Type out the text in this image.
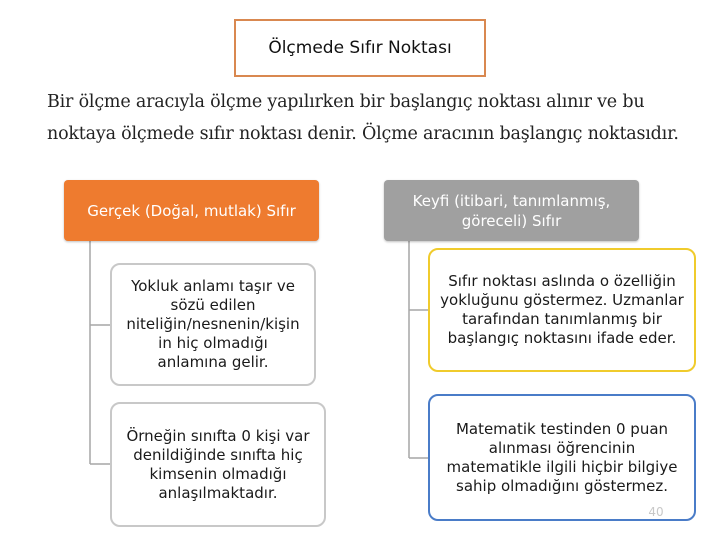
Ölçmede Sıfır Noktası
Bir ölçme aracıyla ölçme yapılırken bir başlangıç noktası alınır ve bu
noktaya ölçmede sıfır noktası denir. Ölçme aracının başlangıç noktasıdır.
Gerçek (Doğal, mutlak) Sıfır
Keyfi (itibari, tanımlanmış, göreceli) Sıfır
Yokluk anlamı taşır ve sözü edilen niteliğin/nesnenin/kişin in hiç olmadığı anlamına gelir.
Örneğin sınıfta 0 kişi var denildiğinde sınıfta hiç kimsenin olmadığı anlaşılmaktadır.
Sıfır noktası aslında o özelliğin yokluğunu göstermez. Uzmanlar tarafından tanımlanmış bir başlangıç noktasını ifade eder.
Matematik testinden 0 puan alınması öğrencinin matematikle ilgili hiçbir bilgiye sahip olmadığını göstermez.
40
